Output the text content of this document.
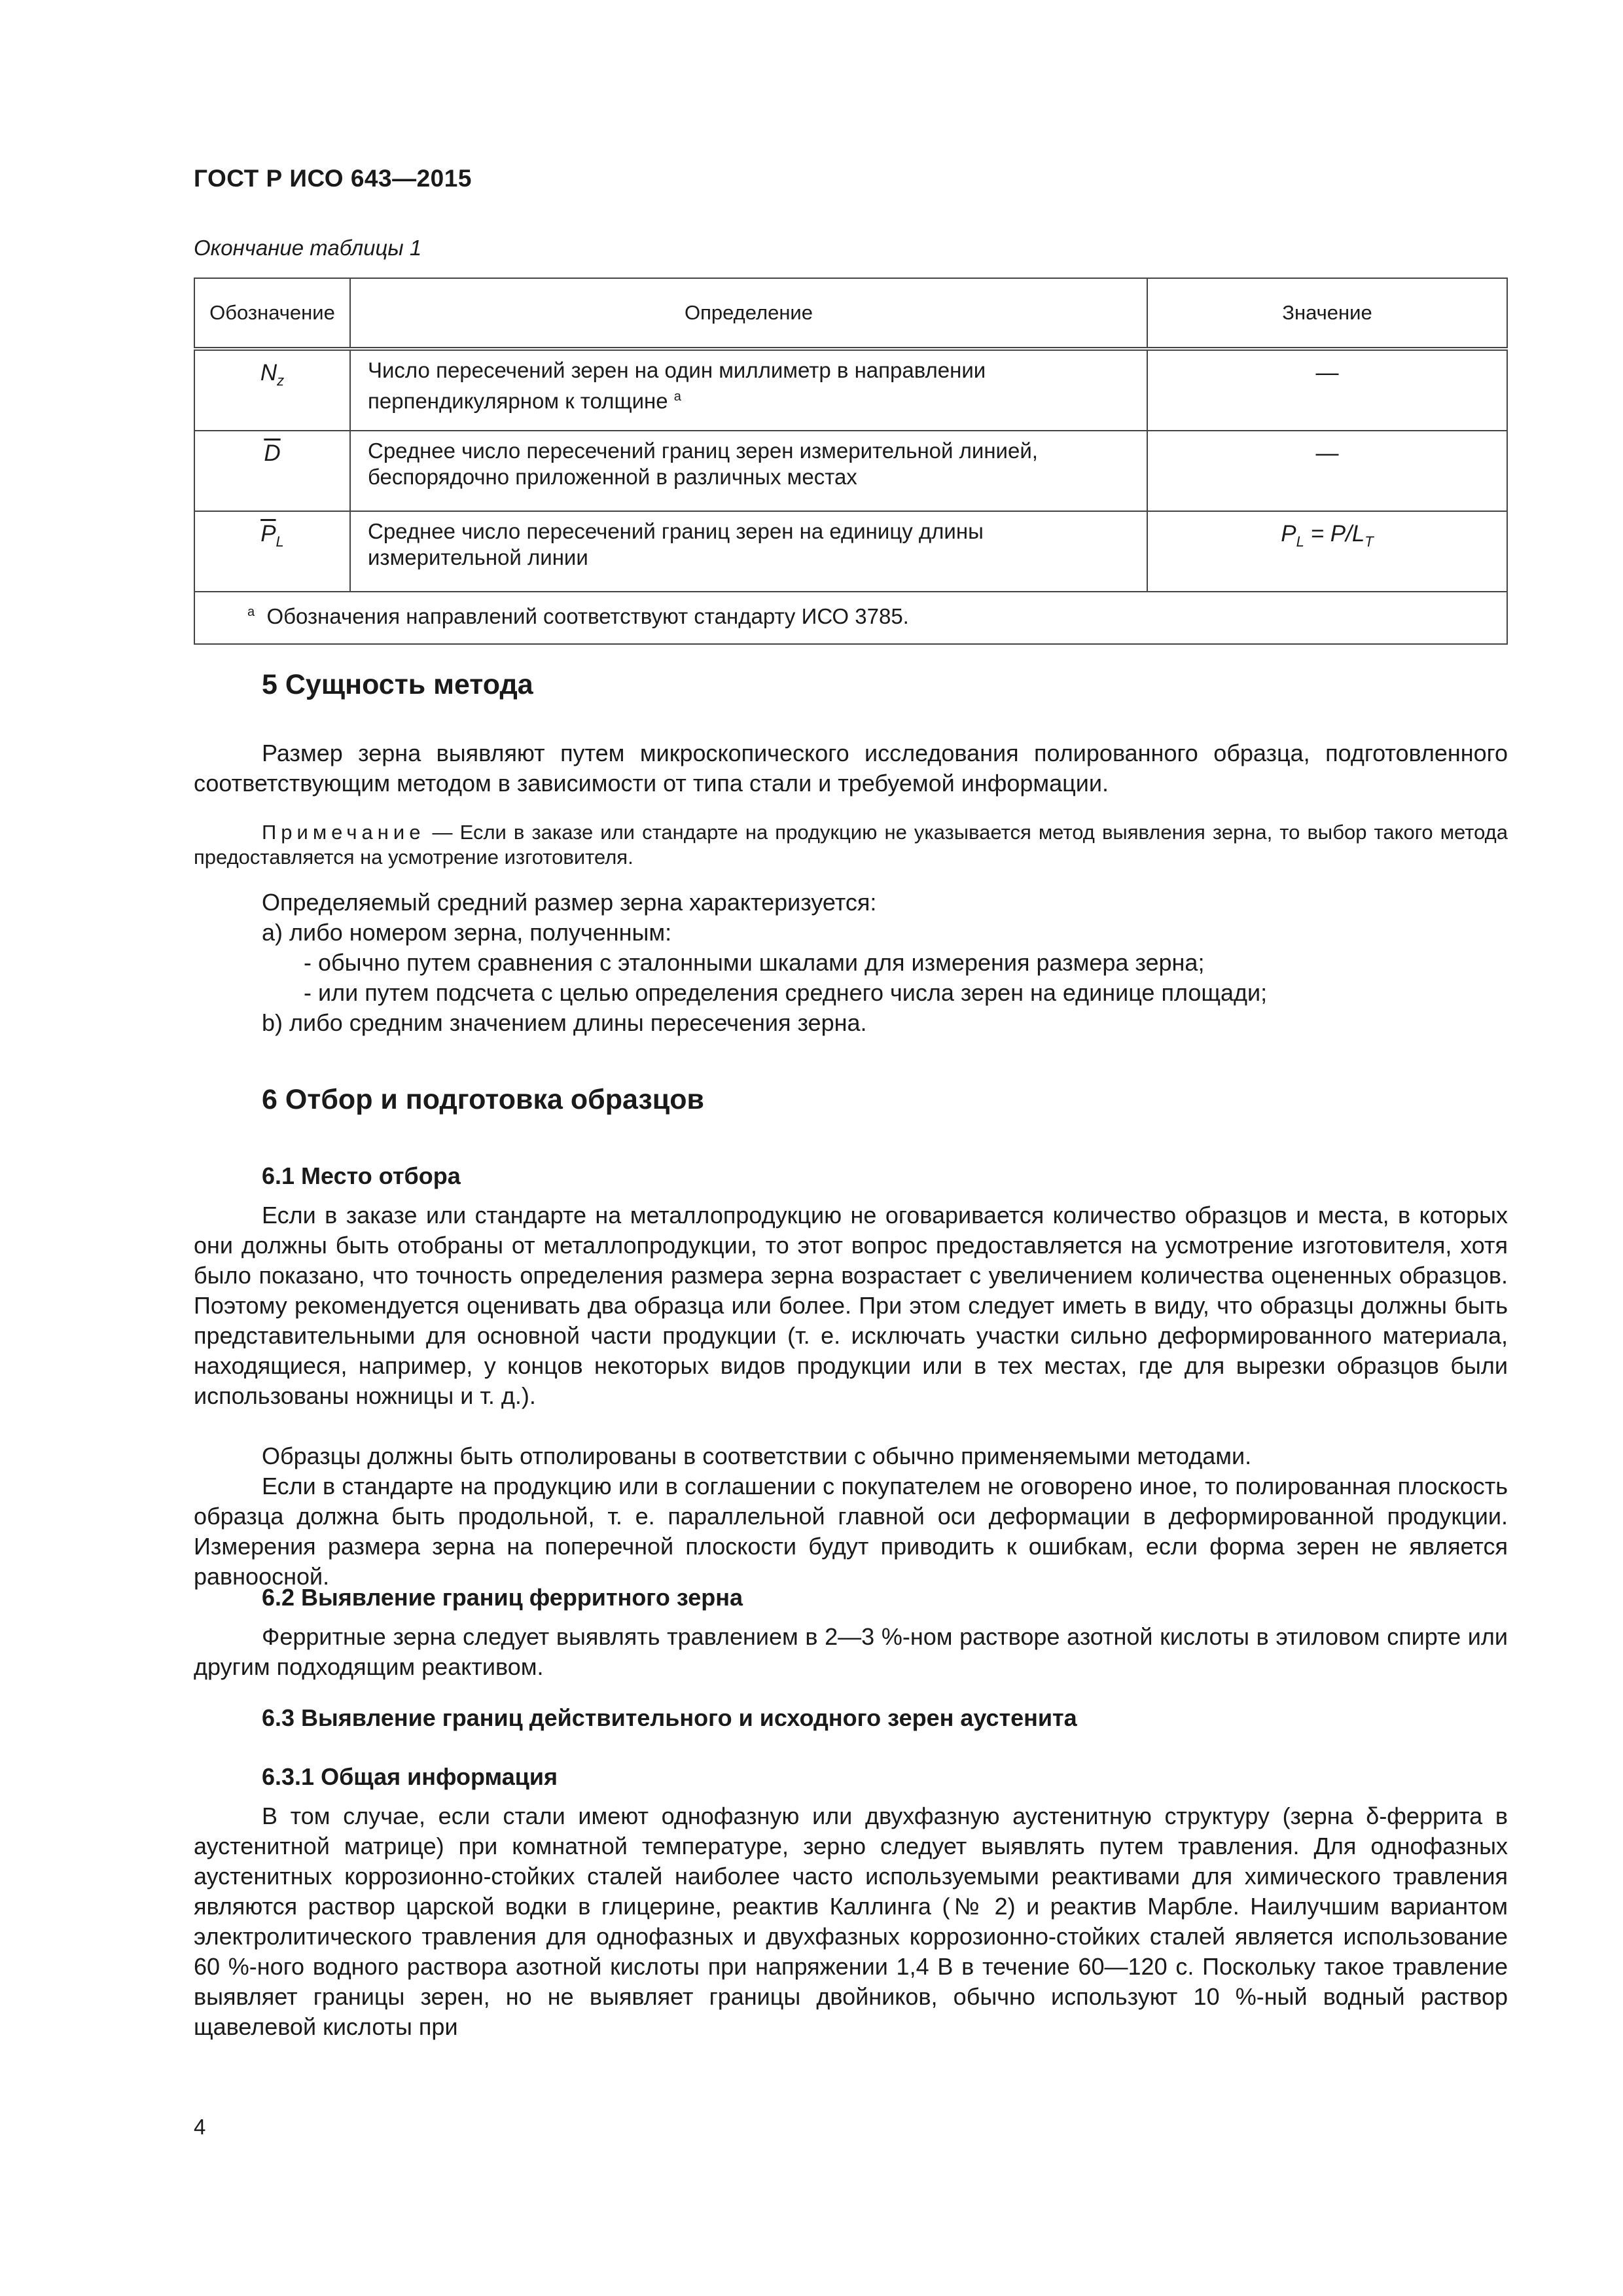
ГОСТ Р ИСО 643—2015
Окончание таблицы 1
Обозначение	Определение	Значение
$N_z$	Число пересечений зерен на один миллиметр в направлении перпендикулярном к толщине $^a$	—
$\overline{D}$	Среднее число пересечений границ зерен измерительной линией, беспорядочно приложенной в различных местах	—
$\overline{P}_L$	Среднее число пересечений границ зерен на единицу длины измерительной линии	$P_L = P/L_T$
$^a$ Обозначения направлений соответствуют стандарту ИСО 3785.		
5 Сущность метода
Размер зерна выявляют путем микроскопического исследования полированного образца, подготовленного соответствующим методом в зависимости от типа стали и требуемой информации.
Примечание — Если в заказе или стандарте на продукцию не указывается метод выявления зерна, то выбор такого метода предоставляется на усмотрение изготовителя.
Определяемый средний размер зерна характеризуется:
a) либо номером зерна, полученным:
- обычно путем сравнения с эталонными шкалами для измерения размера зерна;
- или путем подсчета с целью определения среднего числа зерен на единице площади;
b) либо средним значением длины пересечения зерна.
6 Отбор и подготовка образцов
6.1 Место отбора
Если в заказе или стандарте на металлопродукцию не оговаривается количество образцов и места, в которых они должны быть отобраны от металлопродукции, то этот вопрос предоставляется на усмотрение изготовителя, хотя было показано, что точность определения размера зерна возрастает с увеличением количества оцененных образцов. Поэтому рекомендуется оценивать два образца или более. При этом следует иметь в виду, что образцы должны быть представительными для основной части продукции (т. е. исключать участки сильно деформированного материала, находящиеся, например, у концов некоторых видов продукции или в тех местах, где для вырезки образцов были использованы ножницы и т. д.).
Образцы должны быть отполированы в соответствии с обычно применяемыми методами.
Если в стандарте на продукцию или в соглашении с покупателем не оговорено иное, то полированная плоскость образца должна быть продольной, т. е. параллельной главной оси деформации в деформированной продукции. Измерения размера зерна на поперечной плоскости будут приводить к ошибкам, если форма зерен не является равноосной.
6.2 Выявление границ ферритного зерна
Ферритные зерна следует выявлять травлением в 2—3 %-ном растворе азотной кислоты в этиловом спирте или другим подходящим реактивом.
6.3 Выявление границ действительного и исходного зерен аустенита
6.3.1 Общая информация
В том случае, если стали имеют однофазную или двухфазную аустенитную структуру (зерна δ-феррита в аустенитной матрице) при комнатной температуре, зерно следует выявлять путем травления. Для однофазных аустенитных коррозионно-стойких сталей наиболее часто используемыми реактивами для химического травления являются раствор царской водки в глицерине, реактив Каллинга (№ 2) и реактив Марбле. Наилучшим вариантом электролитического травления для однофазных и двухфазных коррозионно-стойких сталей является использование 60 %-ного водного раствора азотной кислоты при напряжении 1,4 В в течение 60—120 с. Поскольку такое травление выявляет границы зерен, но не выявляет границы двойников, обычно используют 10 %-ный водный раствор щавелевой кислоты при
4
